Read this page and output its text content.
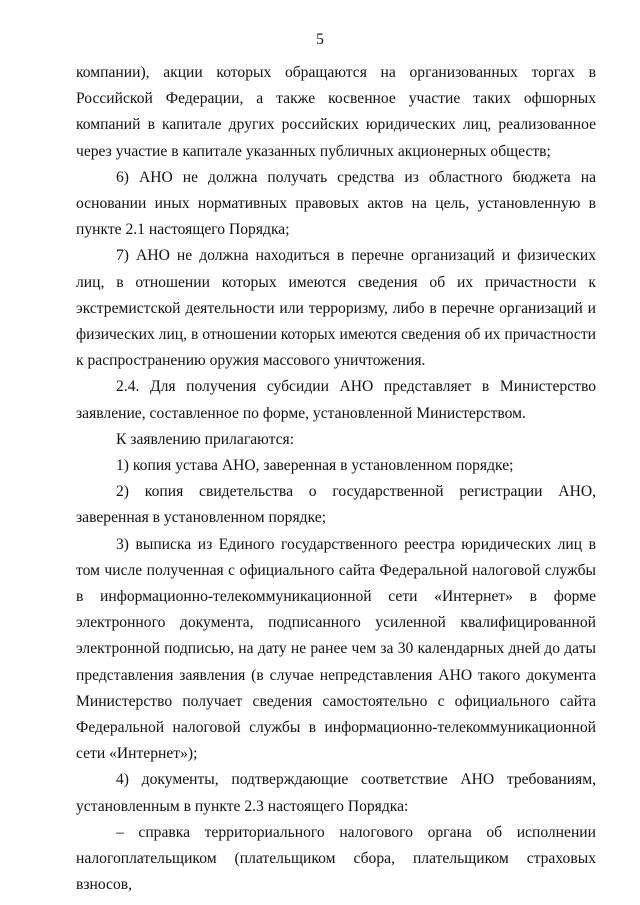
5

компании), акции которых обращаются на организованных торгах в Российской Федерации, а также косвенное участие таких офшорных компаний в капитале других российских юридических лиц, реализованное через участие в капитале указанных публичных акционерных обществ;

6) АНО не должна получать средства из областного бюджета на основании иных нормативных правовых актов на цель, установленную в пункте 2.1 настоящего Порядка;

7) АНО не должна находиться в перечне организаций и физических лиц, в отношении которых имеются сведения об их причастности к экстремистской деятельности или терроризму, либо в перечне организаций и физических лиц, в отношении которых имеются сведения об их причастности к распространению оружия массового уничтожения.

2.4. Для получения субсидии АНО представляет в Министерство заявление, составленное по форме, установленной Министерством.

К заявлению прилагаются:

1) копия устава АНО, заверенная в установленном порядке;

2) копия свидетельства о государственной регистрации АНО, заверенная в установленном порядке;

3) выписка из Единого государственного реестра юридических лиц в том числе полученная с официального сайта Федеральной налоговой службы в информационно-телекоммуникационной сети «Интернет» в форме электронного документа, подписанного усиленной квалифицированной электронной подписью, на дату не ранее чем за 30 календарных дней до даты представления заявления (в случае непредставления АНО такого документа Министерство получает сведения самостоятельно с официального сайта Федеральной налоговой службы в информационно-телекоммуникационной сети «Интернет»);

4) документы, подтверждающие соответствие АНО требованиям, установленным в пункте 2.3 настоящего Порядка:

– справка территориального налогового органа об исполнении налогоплательщиком (плательщиком сбора, плательщиком страховых взносов,
